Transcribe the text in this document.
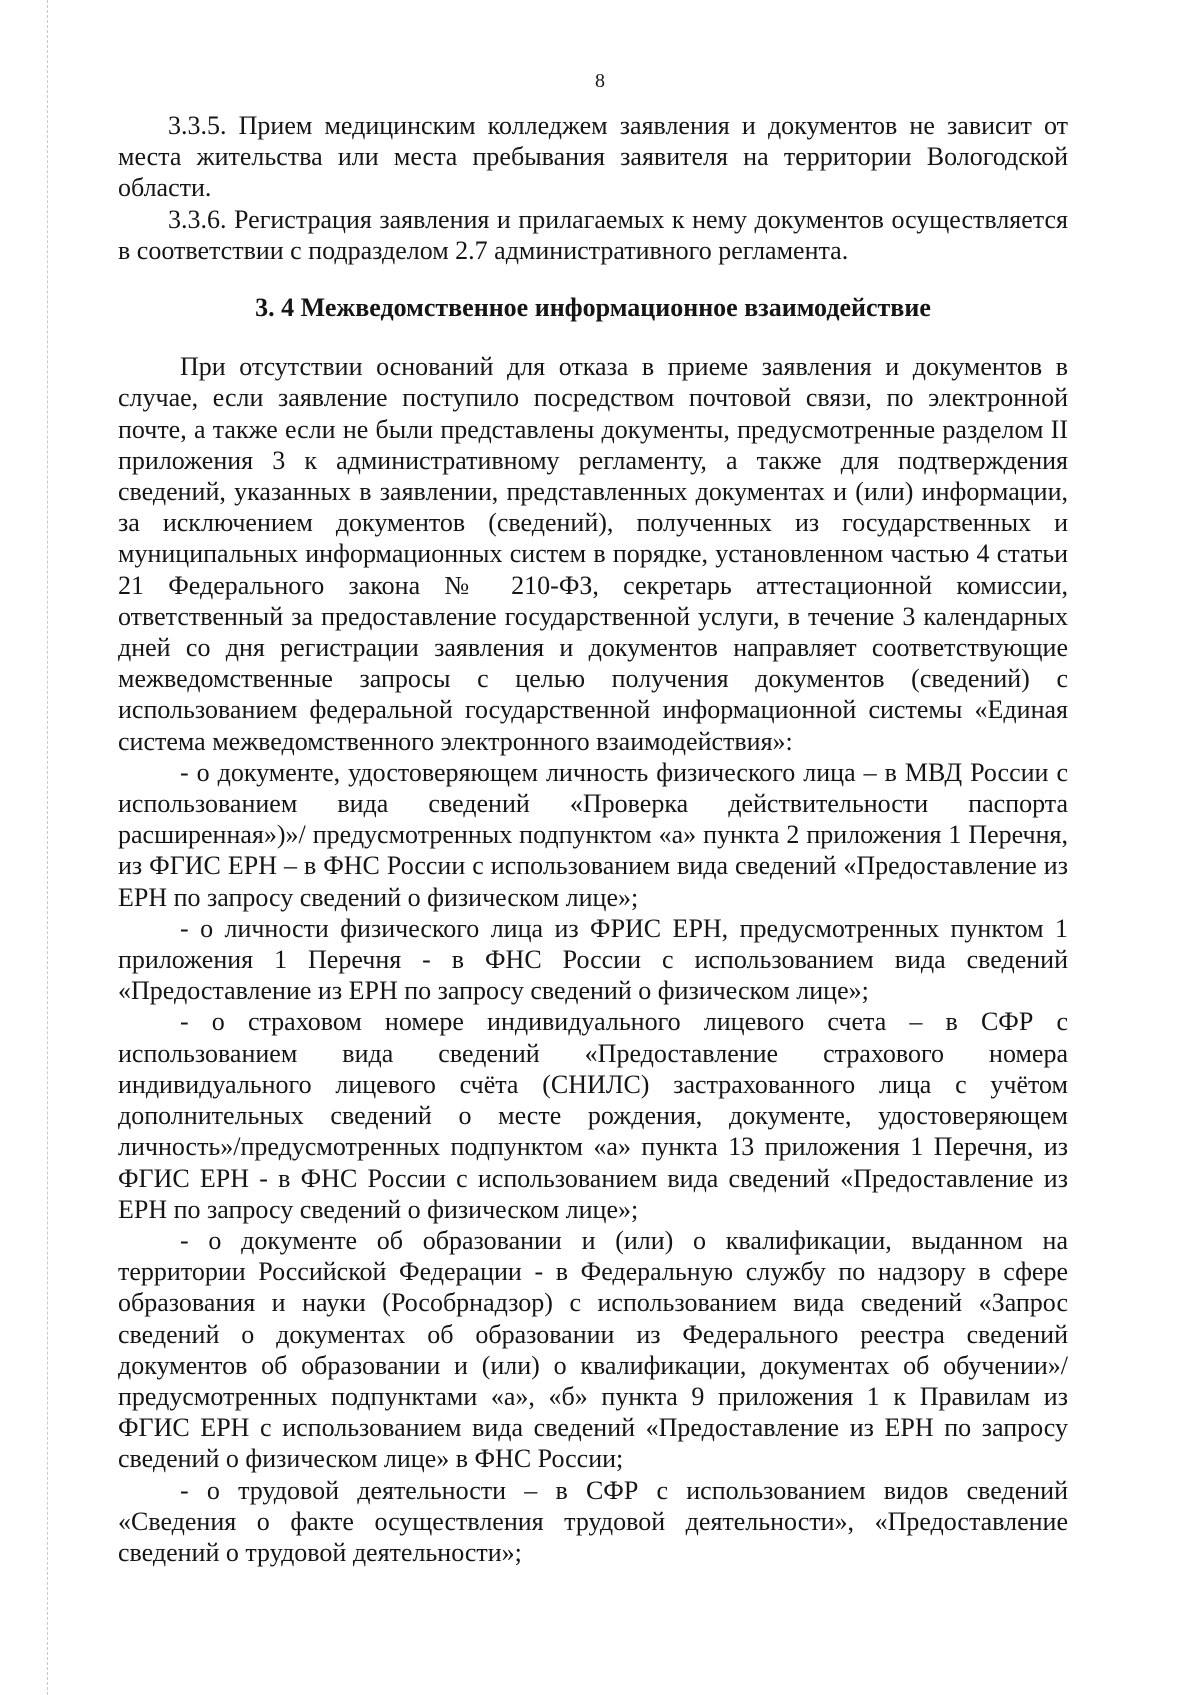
8

3.3.5. Прием медицинским колледжем заявления и документов не зависит от места жительства или места пребывания заявителя на территории Вологодской области.

3.3.6. Регистрация заявления и прилагаемых к нему документов осуществляется в соответствии с подразделом 2.7 административного регламента.

3. 4 Межведомственное информационное взаимодействие

При отсутствии оснований для отказа в приеме заявления и документов в случае, если заявление поступило посредством почтовой связи, по электронной почте, а также если не были представлены документы, предусмотренные разделом II приложения 3 к административному регламенту, а также для подтверждения сведений, указанных в заявлении, представленных документах и (или) информации, за исключением документов (сведений), полученных из государственных и муниципальных информационных систем в порядке, установленном частью 4 статьи 21 Федерального закона № 210-ФЗ, секретарь аттестационной комиссии, ответственный за предоставление государственной услуги, в течение 3 календарных дней со дня регистрации заявления и документов направляет соответствующие межведомственные запросы с целью получения документов (сведений) с использованием федеральной государственной информационной системы «Единая система межведомственного электронного взаимодействия»:

- о документе, удостоверяющем личность физического лица – в МВД России с использованием вида сведений «Проверка действительности паспорта расширенная»)»/ предусмотренных подпунктом «а» пункта 2 приложения 1 Перечня, из ФГИС ЕРН – в ФНС России с использованием вида сведений «Предоставление из ЕРН по запросу сведений о физическом лице»;

- о личности физического лица из ФРИС ЕРН, предусмотренных пунктом 1 приложения 1 Перечня - в ФНС России с использованием вида сведений «Предоставление из ЕРН по запросу сведений о физическом лице»;

- о страховом номере индивидуального лицевого счета – в СФР с использованием вида сведений «Предоставление страхового номера индивидуального лицевого счёта (СНИЛС) застрахованного лица с учётом дополнительных сведений о месте рождения, документе, удостоверяющем личность»/предусмотренных подпунктом «а» пункта 13 приложения 1 Перечня, из ФГИС ЕРН - в ФНС России с использованием вида сведений «Предоставление из ЕРН по запросу сведений о физическом лице»;

- о документе об образовании и (или) о квалификации, выданном на территории Российской Федерации - в Федеральную службу по надзору в сфере образования и науки (Рособрнадзор) с использованием вида сведений «Запрос сведений о документах об образовании из Федерального реестра сведений документов об образовании и (или) о квалификации, документах об обучении»/предусмотренных подпунктами «а», «б» пункта 9 приложения 1 к Правилам из ФГИС ЕРН с использованием вида сведений «Предоставление из ЕРН по запросу сведений о физическом лице» в ФНС России;

- о трудовой деятельности – в СФР с использованием видов сведений «Сведения о факте осуществления трудовой деятельности», «Предоставление сведений о трудовой деятельности»;
